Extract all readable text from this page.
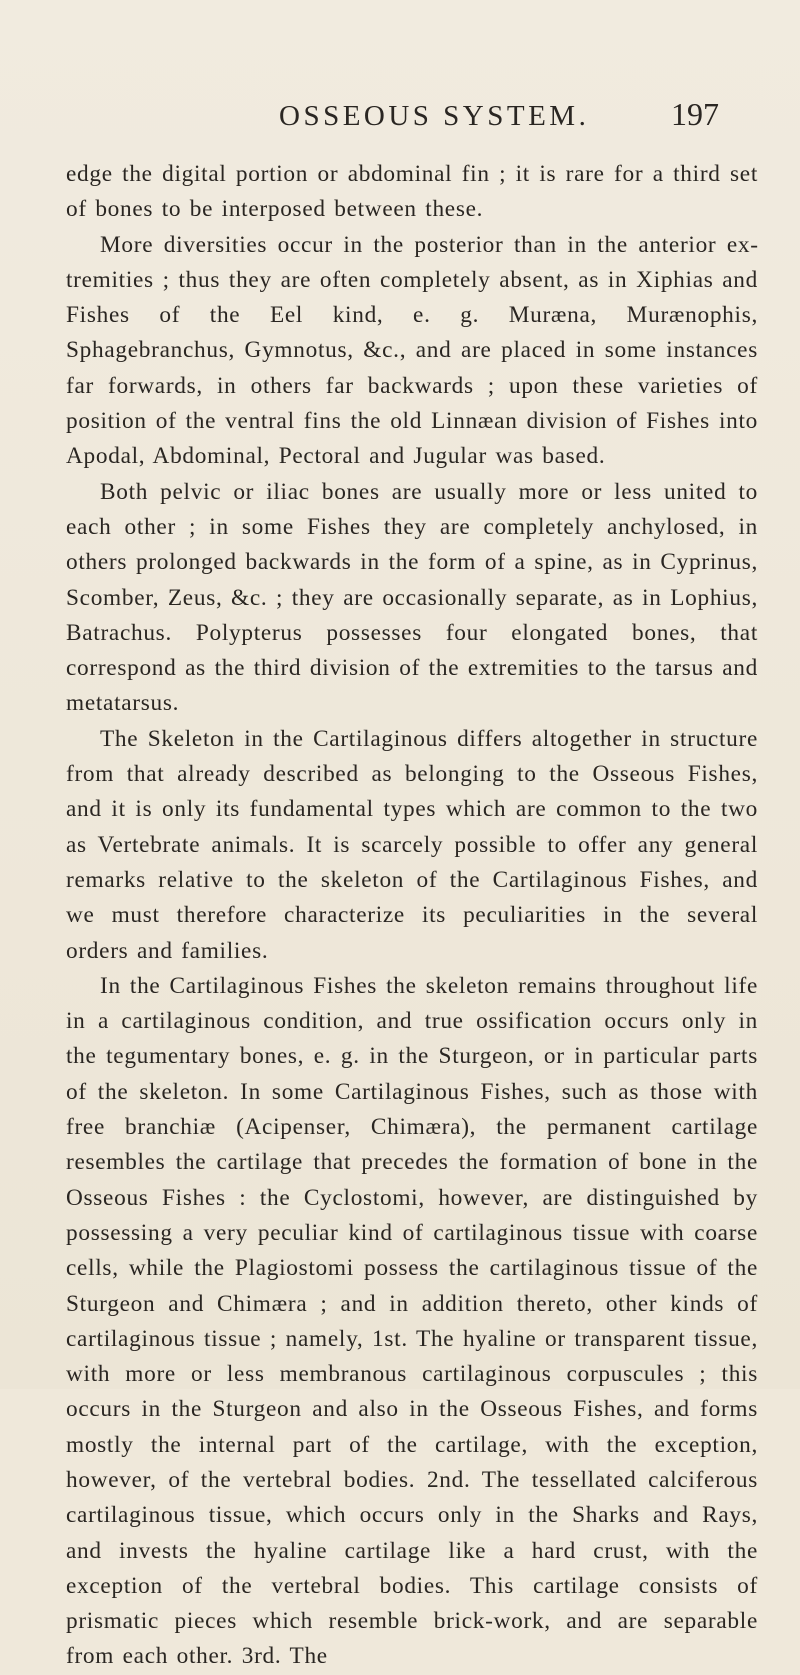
OSSEOUS SYSTEM.	197

edge the digital portion or abdominal fin ; it is rare for a third set of bones to be interposed between these.

More diversities occur in the posterior than in the anterior extremities ; thus they are often completely absent, as in Xiphias and Fishes of the Eel kind, e. g. Muræna, Murænophis, Sphagebranchus, Gymnotus, &c., and are placed in some instances far forwards, in others far backwards ; upon these varieties of position of the ventral fins the old Linnæan division of Fishes into Apodal, Abdominal, Pectoral and Jugular was based.

Both pelvic or iliac bones are usually more or less united to each other ; in some Fishes they are completely anchylosed, in others prolonged backwards in the form of a spine, as in Cyprinus, Scomber, Zeus, &c. ; they are occasionally separate, as in Lophius, Batrachus. Polypterus possesses four elongated bones, that correspond as the third division of the extremities to the tarsus and metatarsus.

The Skeleton in the Cartilaginous differs altogether in structure from that already described as belonging to the Osseous Fishes, and it is only its fundamental types which are common to the two as Vertebrate animals. It is scarcely possible to offer any general remarks relative to the skeleton of the Cartilaginous Fishes, and we must therefore characterize its peculiarities in the several orders and families.

In the Cartilaginous Fishes the skeleton remains throughout life in a cartilaginous condition, and true ossification occurs only in the tegumentary bones, e. g. in the Sturgeon, or in particular parts of the skeleton. In some Cartilaginous Fishes, such as those with free branchiæ (Acipenser, Chimæra), the permanent cartilage resembles the cartilage that precedes the formation of bone in the Osseous Fishes : the Cyclostomi, however, are distinguished by possessing a very peculiar kind of cartilaginous tissue with coarse cells, while the Plagiostomi possess the cartilaginous tissue of the Sturgeon and Chimæra ; and in addition thereto, other kinds of cartilaginous tissue ; namely, 1st. The hyaline or transparent tissue, with more or less membranous cartilaginous corpuscules ; this occurs in the Sturgeon and also in the Osseous Fishes, and forms mostly the internal part of the cartilage, with the exception, however, of the vertebral bodies. 2nd. The tessellated calciferous cartilaginous tissue, which occurs only in the Sharks and Rays, and invests the hyaline cartilage like a hard crust, with the exception of the vertebral bodies. This cartilage consists of prismatic pieces which resemble brick-work, and are separable from each other. 3rd. The
